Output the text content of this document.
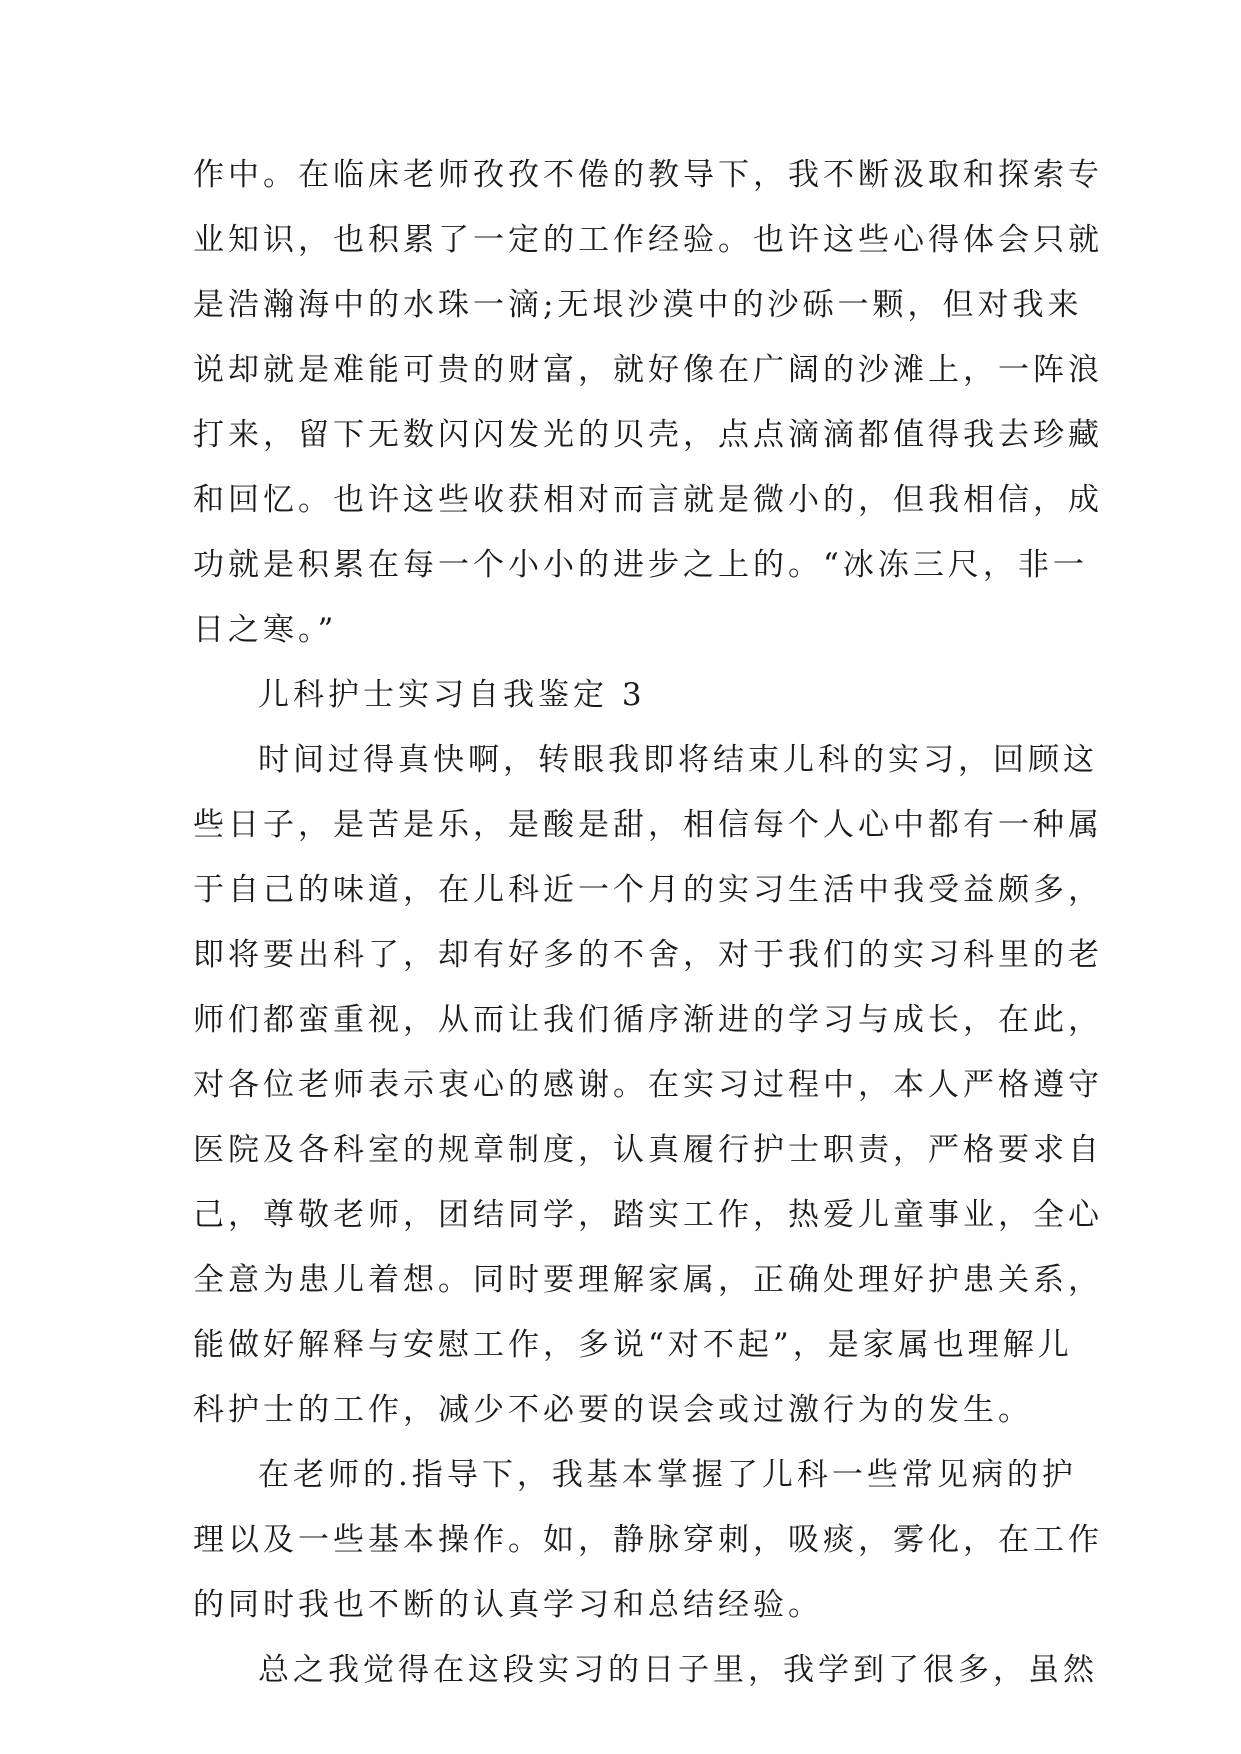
作中。在临床老师孜孜不倦的教导下，我不断汲取和探索专
业知识，也积累了一定的工作经验。也许这些心得体会只就
是浩瀚海中的水珠一滴;无垠沙漠中的沙砾一颗，但对我来
说却就是难能可贵的财富，就好像在广阔的沙滩上，一阵浪
打来，留下无数闪闪发光的贝壳，点点滴滴都值得我去珍藏
和回忆。也许这些收获相对而言就是微小的，但我相信，成
功就是积累在每一个小小的进步之上的。“冰冻三尺，非一
日之寒。”
儿科护士实习自我鉴定 3
时间过得真快啊，转眼我即将结束儿科的实习，回顾这
些日子，是苦是乐，是酸是甜，相信每个人心中都有一种属
于自己的味道，在儿科近一个月的实习生活中我受益颇多，
即将要出科了，却有好多的不舍，对于我们的实习科里的老
师们都蛮重视，从而让我们循序渐进的学习与成长，在此，
对各位老师表示衷心的感谢。在实习过程中，本人严格遵守
医院及各科室的规章制度，认真履行护士职责，严格要求自
己，尊敬老师，团结同学，踏实工作，热爱儿童事业，全心
全意为患儿着想。同时要理解家属，正确处理好护患关系，
能做好解释与安慰工作，多说“对不起”，是家属也理解儿
科护士的工作，减少不必要的误会或过激行为的发生。
在老师的.指导下，我基本掌握了儿科一些常见病的护
理以及一些基本操作。如，静脉穿刺，吸痰，雾化，在工作
的同时我也不断的认真学习和总结经验。
总之我觉得在这段实习的日子里，我学到了很多，虽然
